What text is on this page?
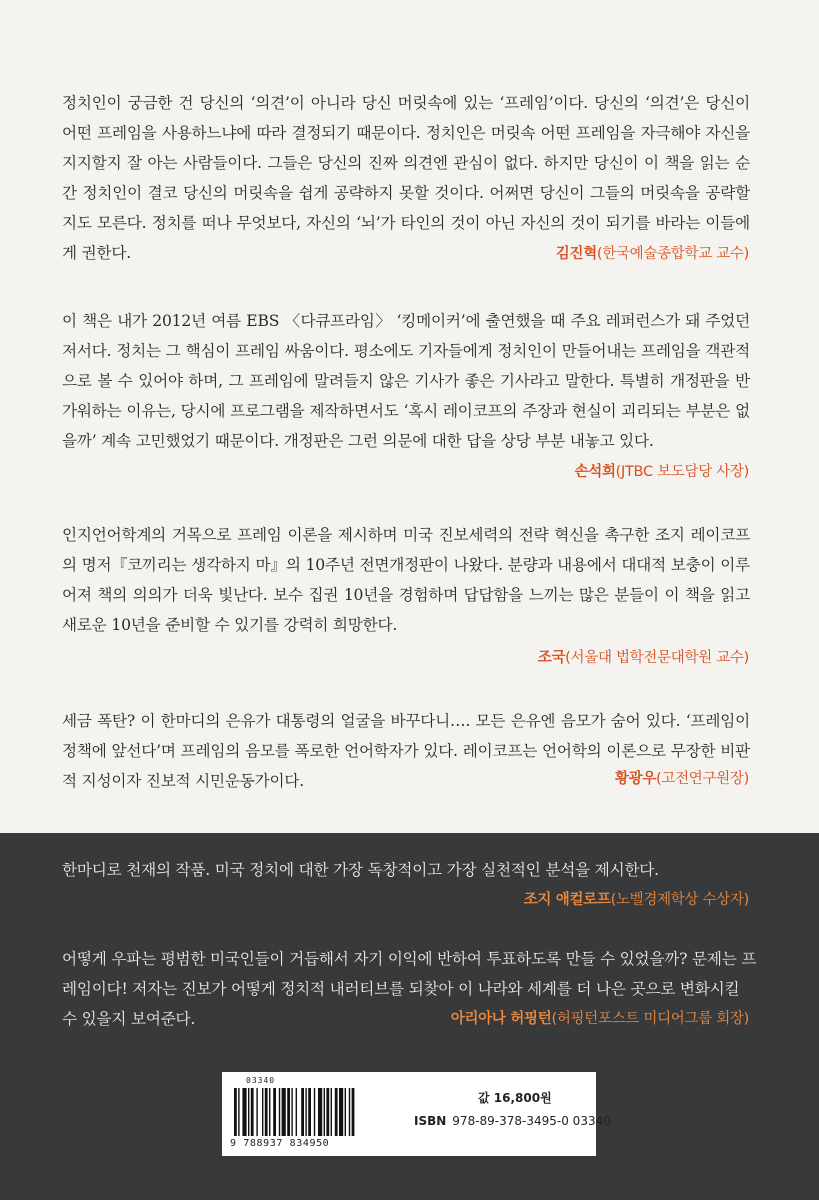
정치인이 궁금한 건 당신의 ‘의견’이 아니라 당신 머릿속에 있는 ‘프레임’이다. 당신의 ‘의견’은 당신이 어떤 프레임을 사용하느냐에 따라 결정되기 때문이다. 정치인은 머릿속 어떤 프레임을 자극해야 자신을 지지할지 잘 아는 사람들이다. 그들은 당신의 진짜 의견엔 관심이 없다. 하지만 당신이 이 책을 읽는 순간 정치인이 결코 당신의 머릿속을 쉽게 공략하지 못할 것이다. 어쩌면 당신이 그들의 머릿속을 공략할지도 모른다. 정치를 떠나 무엇보다, 자신의 ‘뇌’가 타인의 것이 아닌 자신의 것이 되기를 바라는 이들에게 권한다.	김진혁(한국예술종합학교 교수)

이 책은 내가 2012년 여름 EBS 〈다큐프라임〉 ‘킹메이커’에 출연했을 때 주요 레퍼런스가 돼 주었던 저서다. 정치는 그 핵심이 프레임 싸움이다. 평소에도 기자들에게 정치인이 만들어내는 프레임을 객관적으로 볼 수 있어야 하며, 그 프레임에 말려들지 않은 기사가 좋은 기사라고 말한다. 특별히 개정판을 반가워하는 이유는, 당시에 프로그램을 제작하면서도 ‘혹시 레이코프의 주장과 현실이 괴리되는 부분은 없을까’ 계속 고민했었기 때문이다. 개정판은 그런 의문에 대한 답을 상당 부분 내놓고 있다.

손석희(JTBC 보도담당 사장)

인지언어학계의 거목으로 프레임 이론을 제시하며 미국 진보세력의 전략 혁신을 촉구한 조지 레이코프의 명저『코끼리는 생각하지 마』의 10주년 전면개정판이 나왔다. 분량과 내용에서 대대적 보충이 이루어져 책의 의의가 더욱 빛난다. 보수 집권 10년을 경험하며 답답함을 느끼는 많은 분들이 이 책을 읽고 새로운 10년을 준비할 수 있기를 강력히 희망한다.

조국(서울대 법학전문대학원 교수)

세금 폭탄? 이 한마디의 은유가 대통령의 얼굴을 바꾸다니…. 모든 은유엔 음모가 숨어 있다. ‘프레임이 정책에 앞선다’며 프레임의 음모를 폭로한 언어학자가 있다. 레이코프는 언어학의 이론으로 무장한 비판적 지성이자 진보적 시민운동가이다.	황광우(고전연구원장)

한마디로 천재의 작품. 미국 정치에 대한 가장 독창적이고 가장 실천적인 분석을 제시한다.

조지 애컬로프(노벨경제학상 수상자)

어떻게 우파는 평범한 미국인들이 거듭해서 자기 이익에 반하여 투표하도록 만들 수 있었을까? 문제는 프레임이다! 저자는 진보가 어떻게 정치적 내러티브를 되찾아 이 나라와 세계를 더 나은 곳으로 변화시킬 수 있을지 보여준다.	아리아나 허핑턴(허핑턴포스트 미디어그룹 회장)
03340
9 788937 834950
값 16,800원
ISBN 978-89-378-3495-0 03340
